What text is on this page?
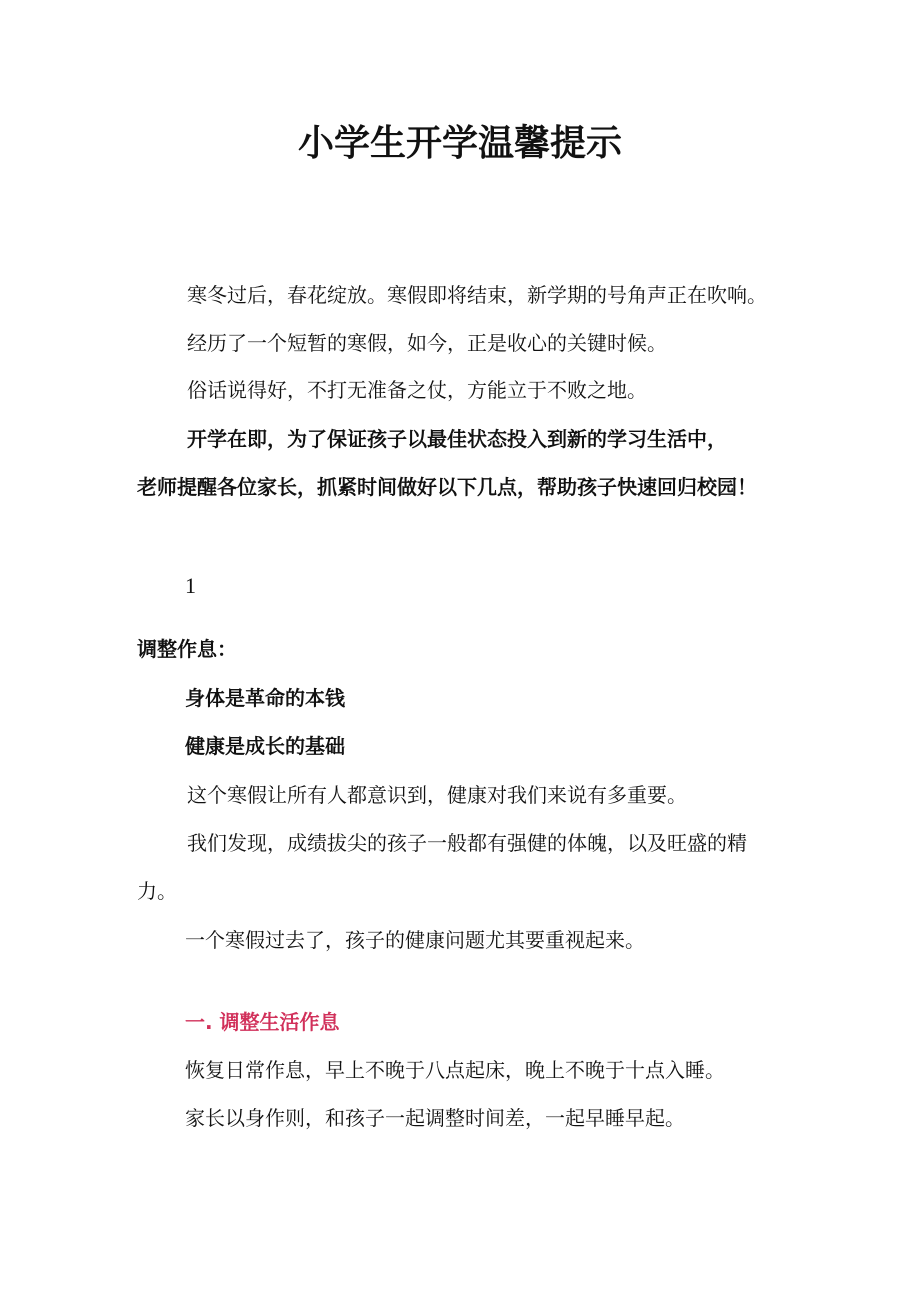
小学生开学温馨提示

寒冬过后，春花绽放。寒假即将结束，新学期的号角声正在吹响。

经历了一个短暂的寒假，如今，正是收心的关键时候。

俗话说得好，不打无准备之仗，方能立于不败之地。

开学在即，为了保证孩子以最佳状态投入到新的学习生活中，

老师提醒各位家长，抓紧时间做好以下几点，帮助孩子快速回归校园！

1

调整作息：

身体是革命的本钱

健康是成长的基础

这个寒假让所有人都意识到，健康对我们来说有多重要。

我们发现，成绩拔尖的孩子一般都有强健的体魄，以及旺盛的精

力。

一个寒假过去了，孩子的健康问题尤其要重视起来。

一. 调整生活作息

恢复日常作息，早上不晚于八点起床，晚上不晚于十点入睡。

家长以身作则，和孩子一起调整时间差，一起早睡早起。
